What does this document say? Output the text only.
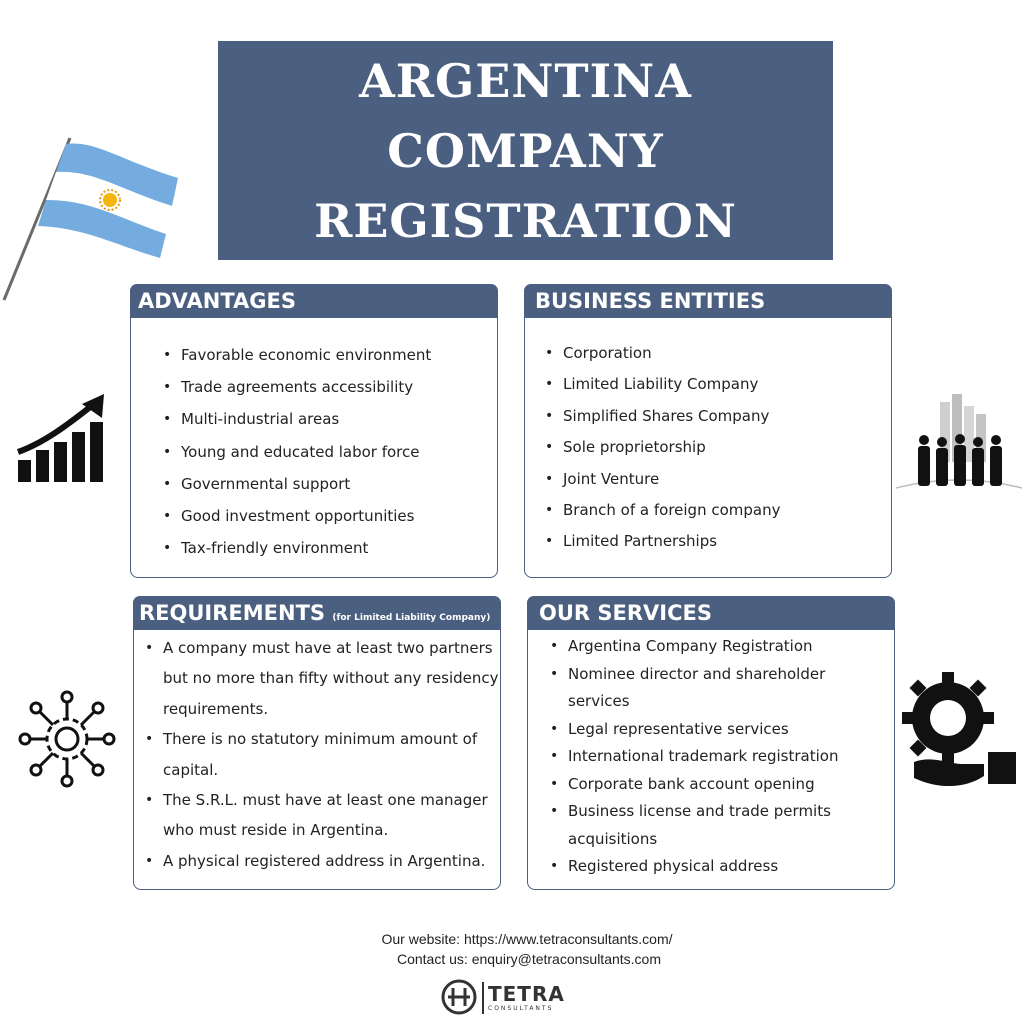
ARGENTINA COMPANY
REGISTRATION
ADVANTAGES
• Favorable economic environment
• Trade agreements accessibility
• Multi-industrial areas
• Young and educated labor force
• Governmental support
• Good investment opportunities
• Tax-friendly environment
BUSINESS ENTITIES
• Corporation
• Limited Liability Company
• Simplified Shares Company
• Sole proprietorship
• Joint Venture
• Branch of a foreign company
• Limited Partnerships
REQUIREMENTS (for Limited Liability Company)
• A company must have at least two partners but no more than fifty without any residency requirements.
• There is no statutory minimum amount of capital.
• The S.R.L. must have at least one manager who must reside in Argentina.
• A physical registered address in Argentina.
OUR SERVICES
• Argentina Company Registration
• Nominee director and shareholder services
• Legal representative services
• International trademark registration
• Corporate bank account opening
• Business license and trade permits acquisitions
• Registered physical address
Our website: https://www.tetraconsultants.com/
Contact us: enquiry@tetraconsultants.com
TETRA
CONSULTANTS
